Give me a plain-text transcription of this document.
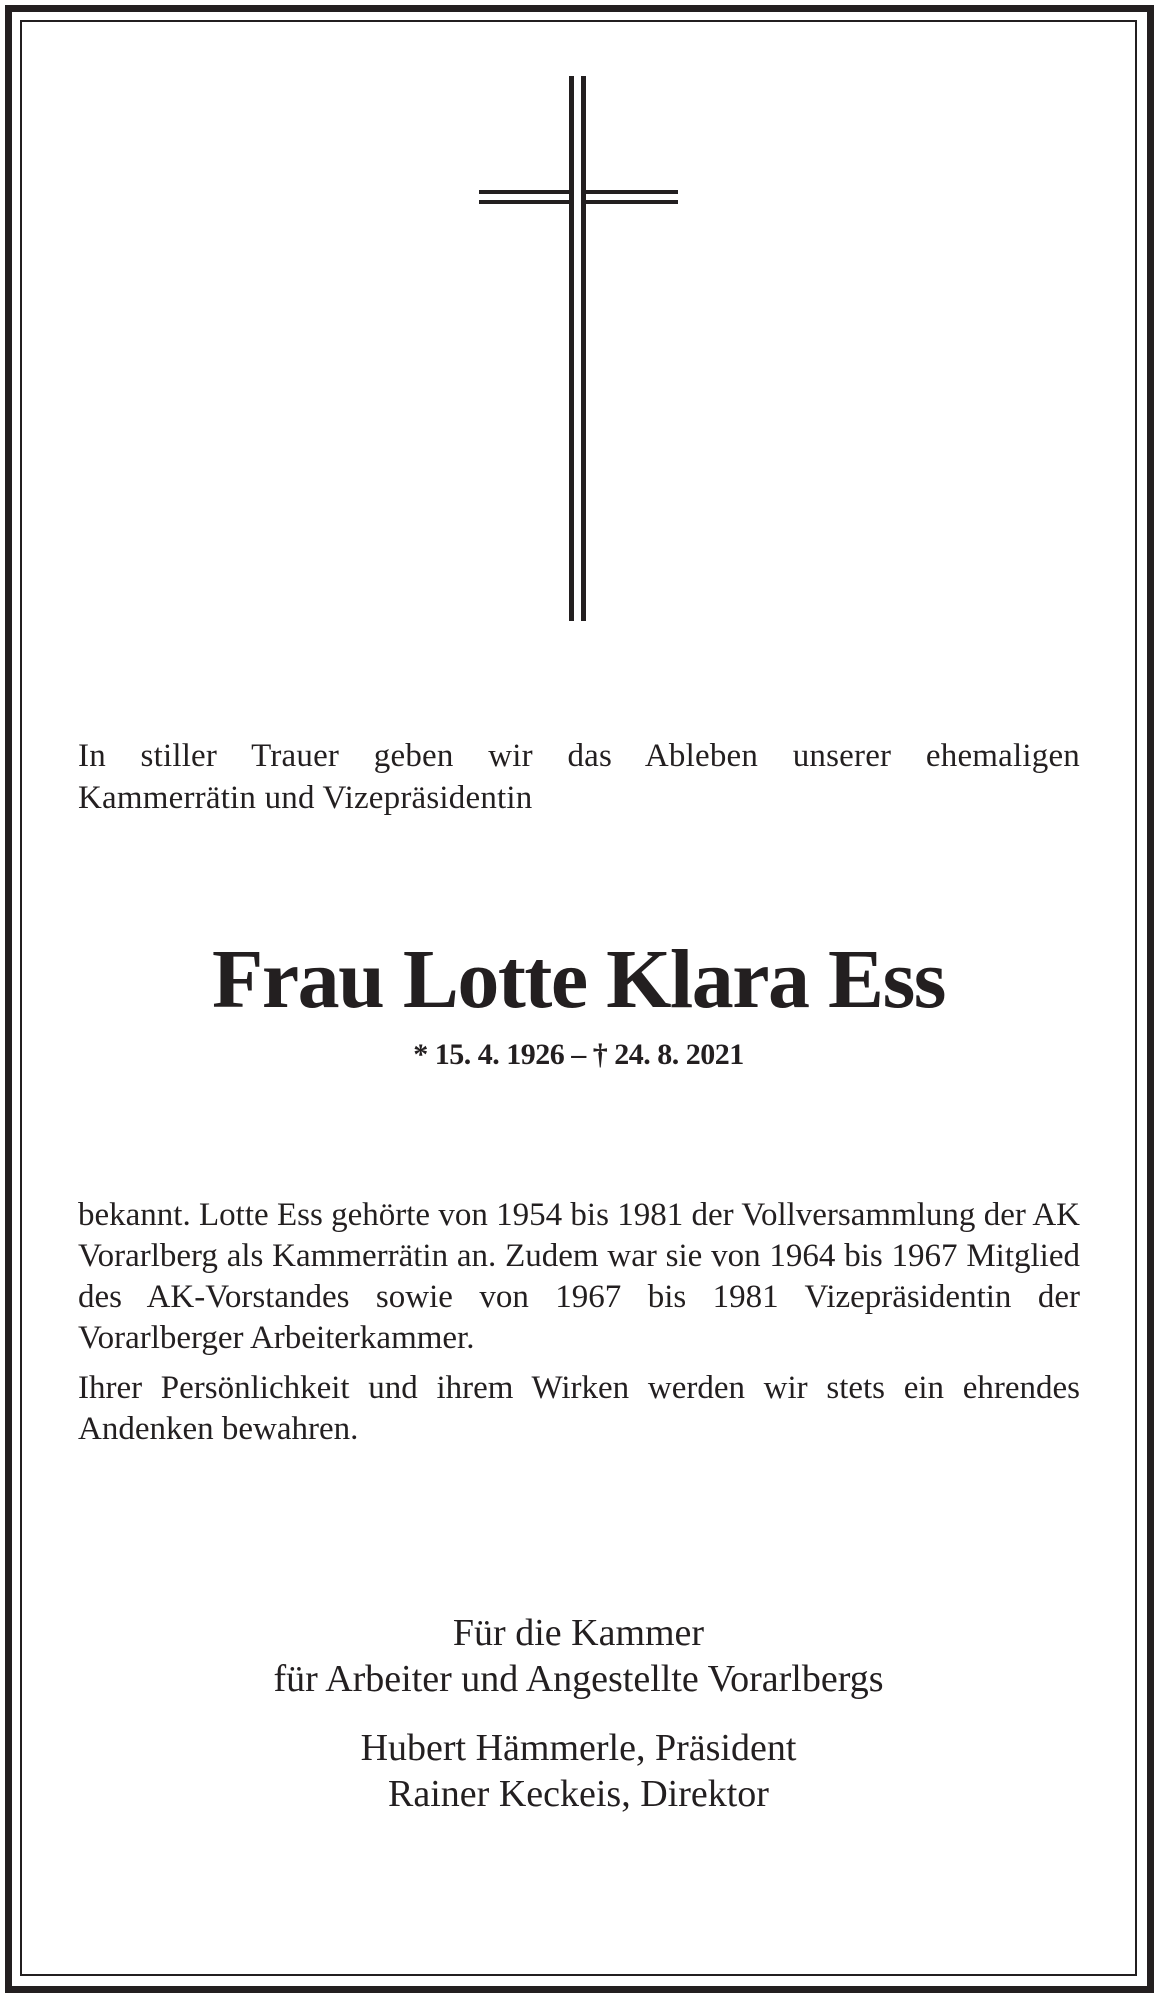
In stiller Trauer geben wir das Ableben unserer ehemaligen
Kammerrätin und Vizepräsidentin
Frau Lotte Klara Ess
* 15. 4. 1926 – † 24. 8. 2021

bekannt. Lotte Ess gehörte von 1954 bis 1981 der Vollversammlung der AK Vorarlberg als Kammerrätin an. Zudem war sie von 1964 bis 1967 Mitglied des AK-Vorstandes sowie von 1967 bis 1981 Vizepräsidentin der Vorarlberger Arbeiterkammer.

Ihrer Persönlichkeit und ihrem Wirken werden wir stets ein ehrendes Andenken bewahren.

Für die Kammer
für Arbeiter und Angestellte Vorarlbergs
Hubert Hämmerle, Präsident
Rainer Keckeis, Direktor
